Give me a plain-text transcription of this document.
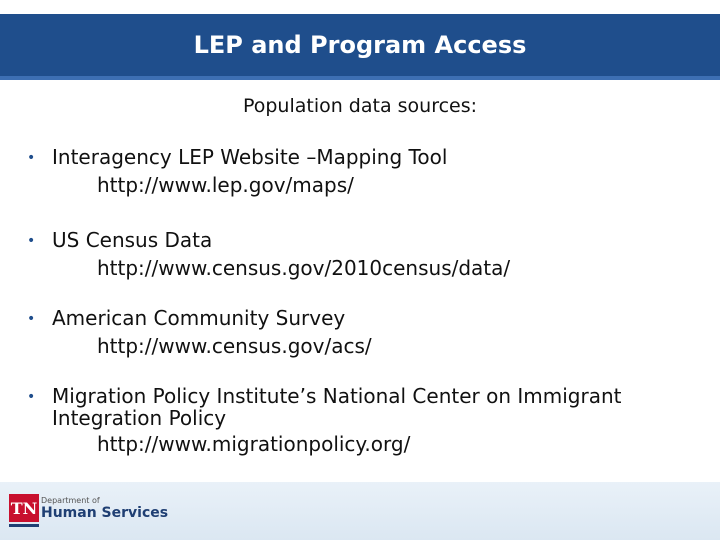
LEP and Program Access
Population data sources:
• Interagency LEP Website –Mapping Tool
http://www.lep.gov/maps/
• US Census Data
http://www.census.gov/2010census/data/
• American Community Survey
http://www.census.gov/acs/
• Migration Policy Institute’s National Center on Immigrant Integration Policy
http://www.migrationpolicy.org/
TN Department of
Human Services
